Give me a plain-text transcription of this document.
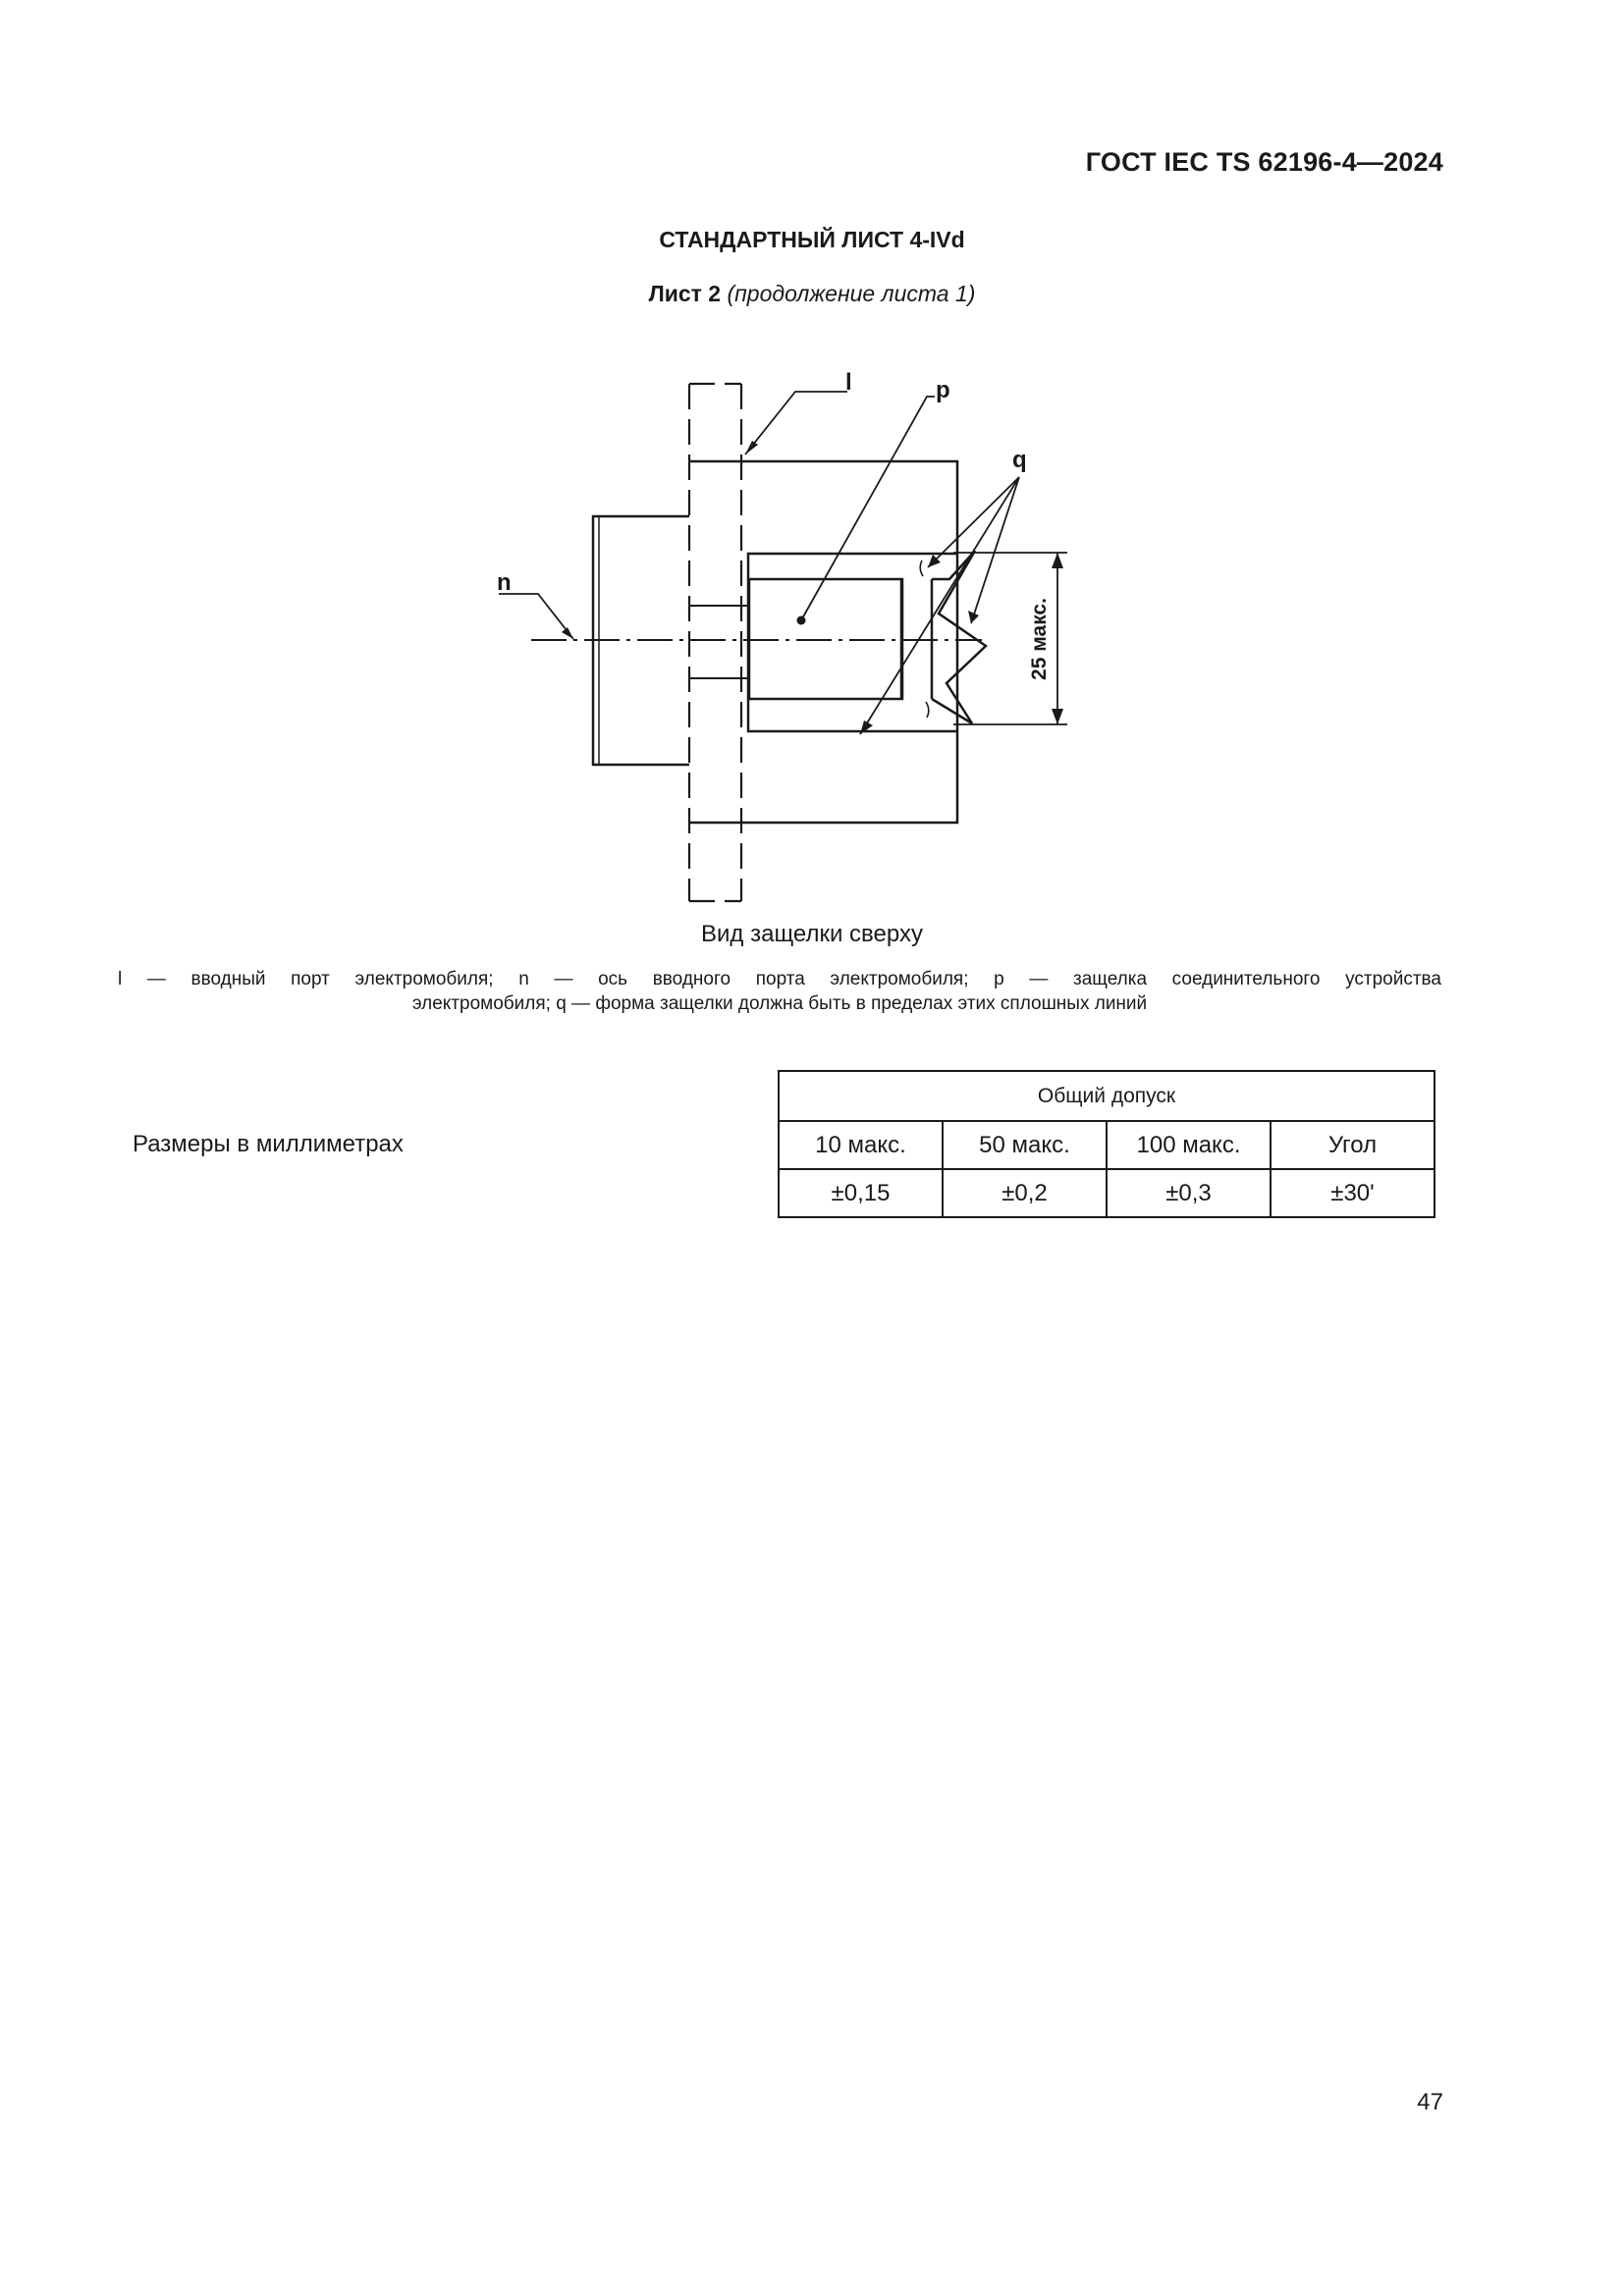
ГОСТ IEC TS 62196-4—2024
СТАНДАРТНЫЙ ЛИСТ 4-IVd
Лист 2 (продолжение листа 1)
l	p
q
n
25 макс.
Вид защелки сверху
l — вводный порт электромобиля; n — ось вводного порта электромобиля; p — защелка соединительного устройства
электромобиля; q — форма защелки должна быть в пределах этих сплошных линий
Размеры в миллиметрах
Общий допуск			
10 макс.	50 макс.	100 макс.	Угол
±0,15	±0,2	±0,3	±30'
47
